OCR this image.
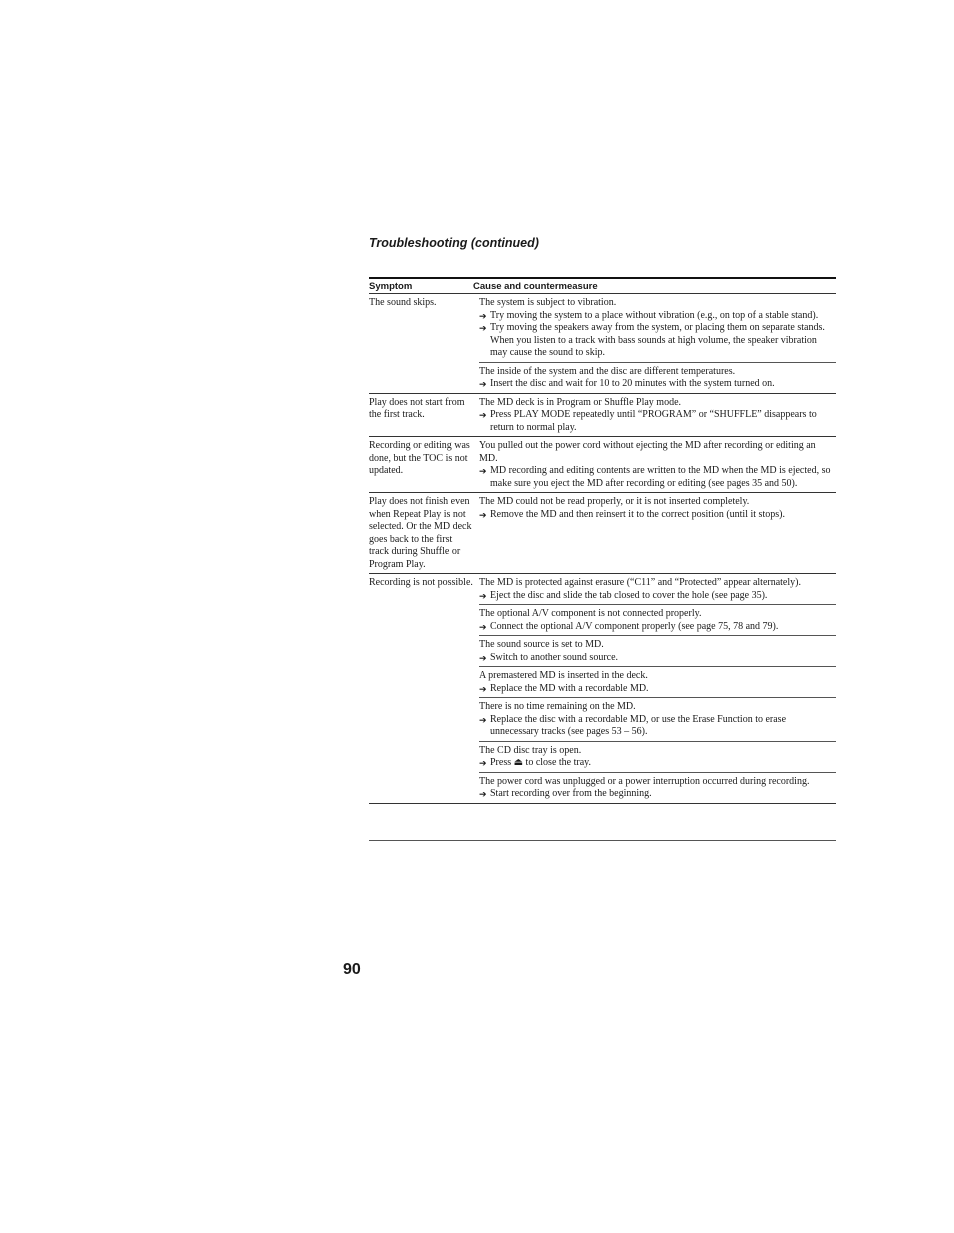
Troubleshooting (continued)
Symptom	Cause and countermeasure
The sound skips.	The system is subject to vibration.
➔ Try moving the system to a place without vibration (e.g., on top of a stable stand).
➔ Try moving the speakers away from the system, or placing them on separate stands.
When you listen to a track with bass sounds at high volume, the speaker vibration may cause the sound to skip.
The inside of the system and the disc are different temperatures.
➔ Insert the disc and wait for 10 to 20 minutes with the system turned on.
Play does not start from the first track.
The MD deck is in Program or Shuffle Play mode.
➔ Press PLAY MODE repeatedly until “PROGRAM” or “SHUFFLE” disappears to return to normal play.
Recording or editing was done, but the TOC is not updated.
You pulled out the power cord without ejecting the MD after recording or editing an MD.
➔ MD recording and editing contents are written to the MD when the MD is ejected, so make sure you eject the MD after recording or editing (see pages 35 and 50).
Play does not finish even when Repeat Play is not selected. Or the MD deck goes back to the first track during Shuffle or Program Play.
The MD could not be read properly, or it is not inserted completely.
➔ Remove the MD and then reinsert it to the correct position (until it stops).
Recording is not possible. The MD is protected against erasure (“C11” and “Protected” appear alternately).
➔ Eject the disc and slide the tab closed to cover the hole (see page 35).
The optional A/V component is not connected properly.
➔ Connect the optional A/V component properly (see page 75, 78 and 79).
The sound source is set to MD.
➔ Switch to another sound source.
A premastered MD is inserted in the deck.
➔ Replace the MD with a recordable MD.
There is no time remaining on the MD.
➔ Replace the disc with a recordable MD, or use the Erase Function to erase unnecessary tracks (see pages 53 – 56).
The CD disc tray is open.
➔ Press ⏏ to close the tray.
The power cord was unplugged or a power interruption occurred during recording.
➔ Start recording over from the beginning.
90
